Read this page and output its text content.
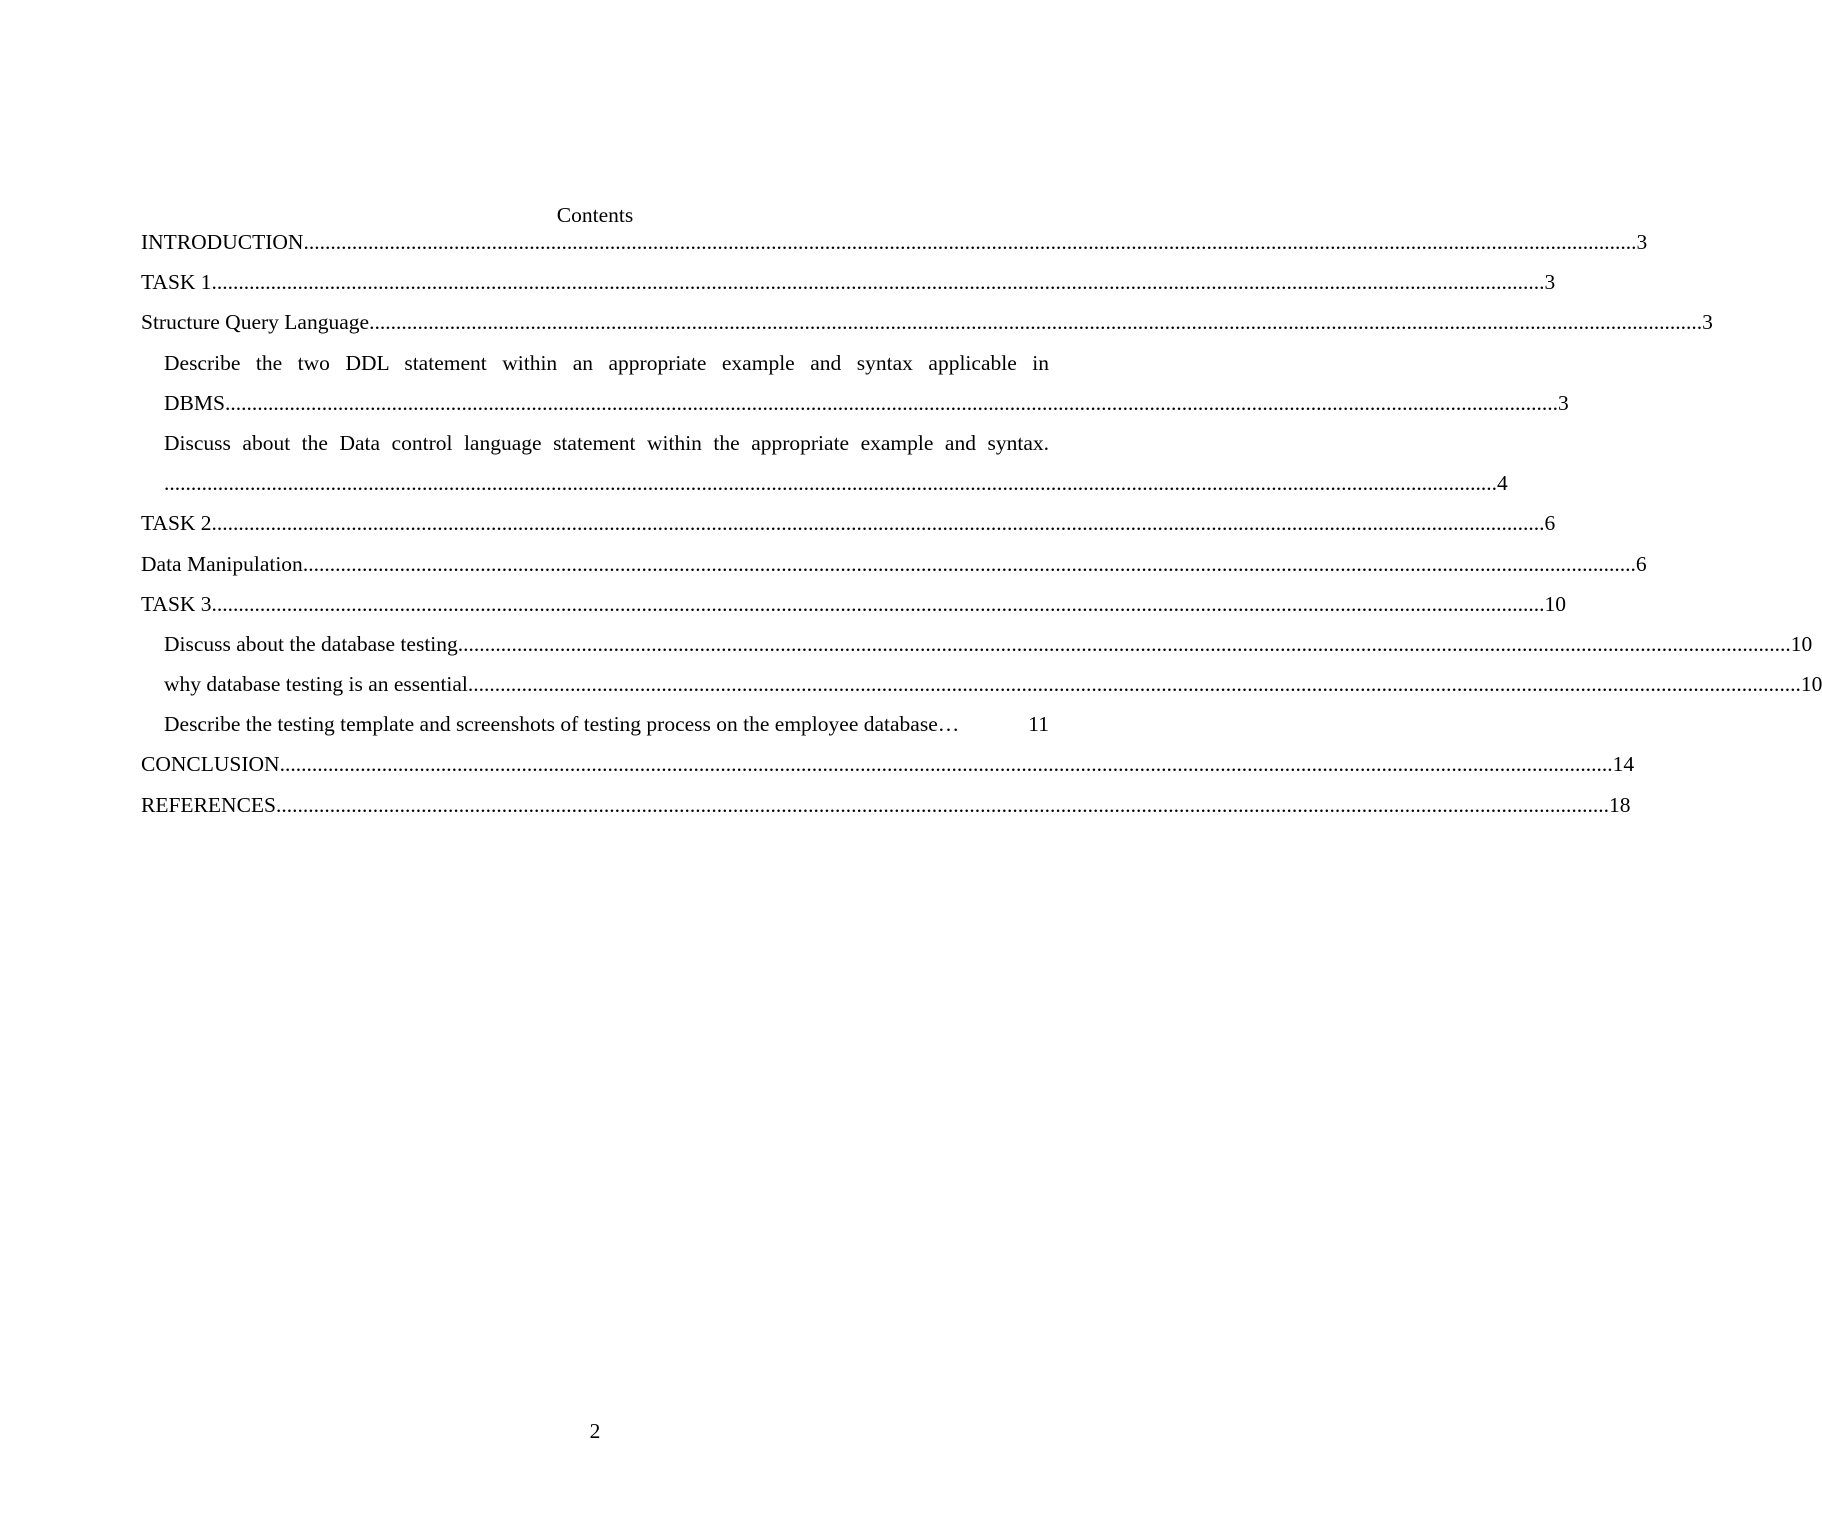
Contents
INTRODUCTION ........................................................................................................................................................................................................................................................ 3
TASK 1 ........................................................................................................................................................................................................................................................ 3
Structure Query Language ........................................................................................................................................................................................................................................................ 3
Describe the two DDL statement within an appropriate example and syntax applicable in
DBMS ........................................................................................................................................................................................................................................................ 3
Discuss about the Data control language statement within the appropriate example and syntax.
........................................................................................................................................................................................................................................................ 4
TASK 2 ........................................................................................................................................................................................................................................................ 6
Data Manipulation ........................................................................................................................................................................................................................................................ 6
TASK 3 ........................................................................................................................................................................................................................................................ 10
Discuss about the database testing ........................................................................................................................................................................................................................................................ 10
why database testing is an essential ........................................................................................................................................................................................................................................................ 10
Describe the testing template and screenshots of testing process on the employee database…	11
CONCLUSION ........................................................................................................................................................................................................................................................ 14
REFERENCES ........................................................................................................................................................................................................................................................ 18
2
